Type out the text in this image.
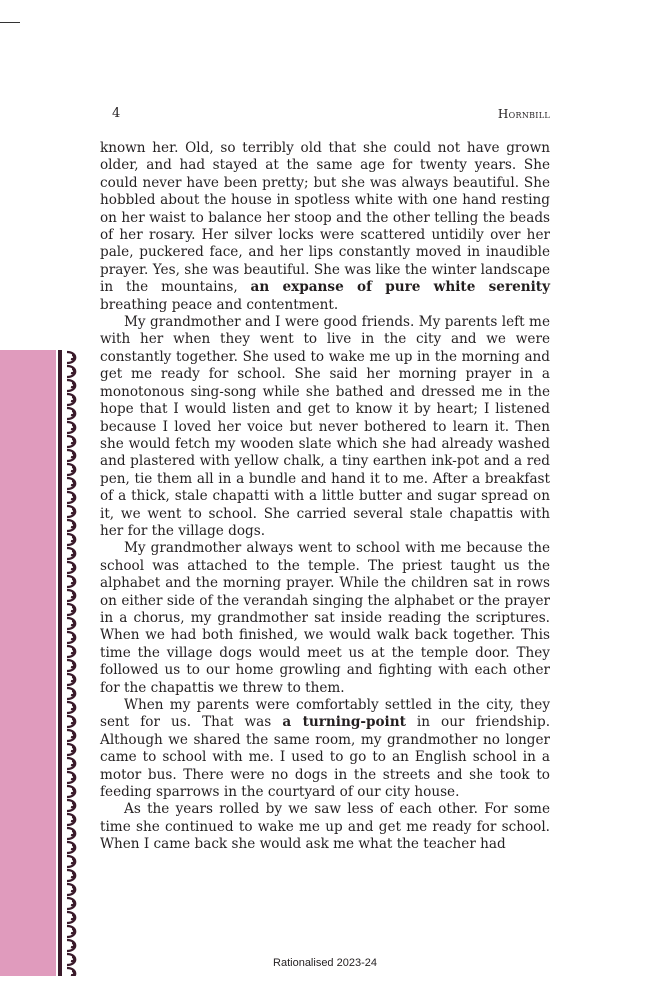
4	Hornbill

known her. Old, so terribly old that she could not have grown older, and had stayed at the same age for twenty years. She could never have been pretty; but she was always beautiful. She hobbled about the house in spotless white with one hand resting on her waist to balance her stoop and the other telling the beads of her rosary. Her silver locks were scattered untidily over her pale, puckered face, and her lips constantly moved in inaudible prayer. Yes, she was beautiful. She was like the winter landscape in the mountains, an expanse of pure white serenity breathing peace and contentment.

My grandmother and I were good friends. My parents left me with her when they went to live in the city and we were constantly together. She used to wake me up in the morning and get me ready for school. She said her morning prayer in a monotonous sing-song while she bathed and dressed me in the hope that I would listen and get to know it by heart; I listened because I loved her voice but never bothered to learn it. Then she would fetch my wooden slate which she had already washed and plastered with yellow chalk, a tiny earthen ink-pot and a red pen, tie them all in a bundle and hand it to me. After a breakfast of a thick, stale chapatti with a little butter and sugar spread on it, we went to school. She carried several stale chapattis with her for the village dogs.

My grandmother always went to school with me because the school was attached to the temple. The priest taught us the alphabet and the morning prayer. While the children sat in rows on either side of the verandah singing the alphabet or the prayer in a chorus, my grandmother sat inside reading the scriptures. When we had both finished, we would walk back together. This time the village dogs would meet us at the temple door. They followed us to our home growling and fighting with each other for the chapattis we threw to them.

When my parents were comfortably settled in the city, they sent for us. That was a turning-point in our friendship. Although we shared the same room, my grandmother no longer came to school with me. I used to go to an English school in a motor bus. There were no dogs in the streets and she took to feeding sparrows in the courtyard of our city house.

As the years rolled by we saw less of each other. For some time she continued to wake me up and get me ready for school. When I came back she would ask me what the teacher had

Rationalised 2023-24
